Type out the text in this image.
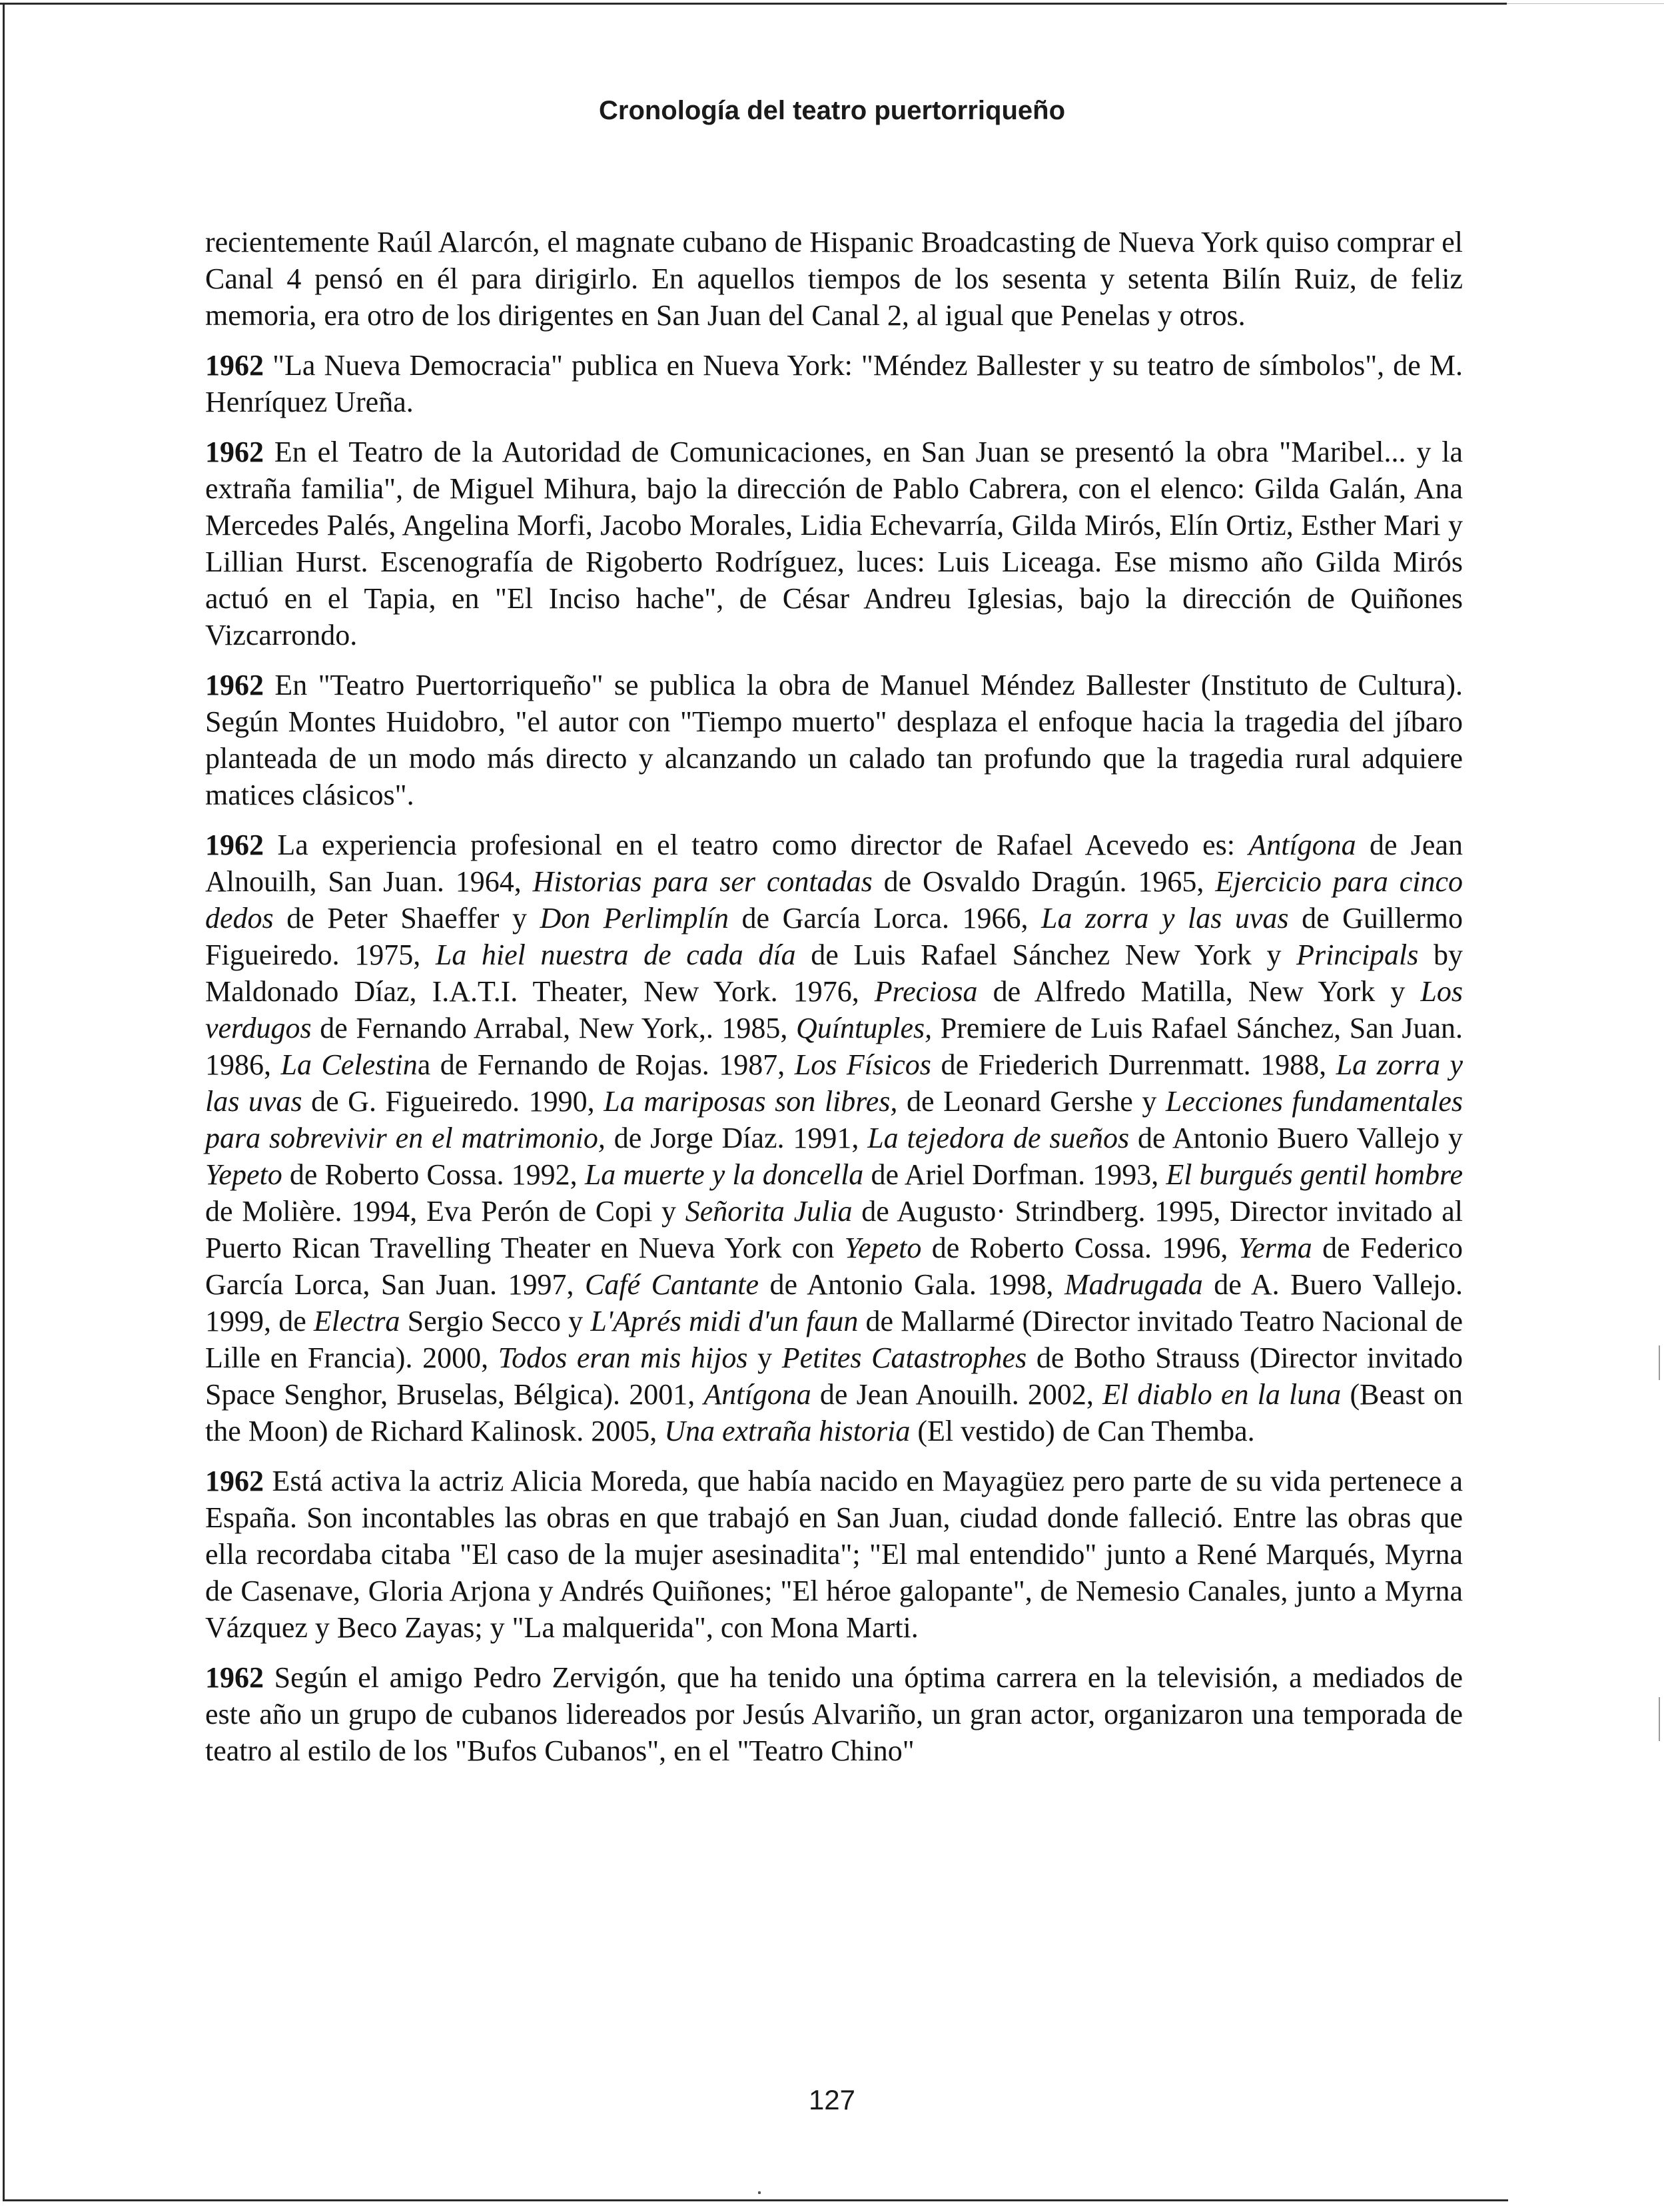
Cronología del teatro puertorriqueño

recientemente Raúl Alarcón, el magnate cubano de Hispanic Broadcasting de Nueva York quiso comprar el Canal 4 pensó en él para dirigirlo. En aquellos tiempos de los sesenta y setenta Bilín Ruiz, de feliz memoria, era otro de los dirigentes en San Juan del Canal 2, al igual que Penelas y otros.

1962 "La Nueva Democracia" publica en Nueva York: "Méndez Ballester y su teatro de símbolos", de M. Henríquez Ureña.

1962 En el Teatro de la Autoridad de Comunicaciones, en San Juan se presentó la obra "Maribel... y la extraña familia", de Miguel Mihura, bajo la dirección de Pablo Cabrera, con el elenco: Gilda Galán, Ana Mercedes Palés, Angelina Morfi, Jacobo Morales, Lidia Echevarría, Gilda Mirós, Elín Ortiz, Esther Mari y Lillian Hurst. Escenografía de Rigoberto Rodríguez, luces: Luis Liceaga. Ese mismo año Gilda Mirós actuó en el Tapia, en "El Inciso hache", de César Andreu Iglesias, bajo la dirección de Quiñones Vizcarrondo.

1962 En "Teatro Puertorriqueño" se publica la obra de Manuel Méndez Ballester (Instituto de Cultura). Según Montes Huidobro, "el autor con "Tiempo muerto" desplaza el enfoque hacia la tragedia del jíbaro planteada de un modo más directo y alcanzando un calado tan profundo que la tragedia rural adquiere matices clásicos".

1962 La experiencia profesional en el teatro como director de Rafael Acevedo es: Antígona de Jean Alnouilh, San Juan. 1964, Historias para ser contadas de Osvaldo Dragún. 1965, Ejercicio para cinco dedos de Peter Shaeffer y Don Perlimplín de García Lorca. 1966, La zorra y las uvas de Guillermo Figueiredo. 1975, La hiel nuestra de cada día de Luis Rafael Sánchez New York y Principals by Maldonado Díaz, I.A.T.I. Theater, New York. 1976, Preciosa de Alfredo Matilla, New York y Los verdugos de Fernando Arrabal, New York,. 1985, Quíntuples, Premiere de Luis Rafael Sánchez, San Juan. 1986, La Celestina de Fernando de Rojas. 1987, Los Físicos de Friederich Durrenmatt. 1988, La zorra y las uvas de G. Figueiredo. 1990, La mariposas son libres, de Leonard Gershe y Lecciones fundamentales para sobrevivir en el matrimonio, de Jorge Díaz. 1991, La tejedora de sueños de Antonio Buero Vallejo y Yepeto de Roberto Cossa. 1992, La muerte y la doncella de Ariel Dorfman. 1993, El burgués gentil hombre de Molière. 1994, Eva Perón de Copi y Señorita Julia de Augusto· Strindberg. 1995, Director invitado al Puerto Rican Travelling Theater en Nueva York con Yepeto de Roberto Cossa. 1996, Yerma de Federico García Lorca, San Juan. 1997, Café Cantante de Antonio Gala. 1998, Madrugada de A. Buero Vallejo. 1999, de Electra Sergio Secco y L'Aprés midi d'un faun de Mallarmé (Director invitado Teatro Nacional de Lille en Francia). 2000, Todos eran mis hijos y Petites Catastrophes de Botho Strauss (Director invitado Space Senghor, Bruselas, Bélgica). 2001, Antígona de Jean Anouilh. 2002, El diablo en la luna (Beast on the Moon) de Richard Kalinosk. 2005, Una extraña historia (El vestido) de Can Themba.

1962 Está activa la actriz Alicia Moreda, que había nacido en Mayagüez pero parte de su vida pertenece a España. Son incontables las obras en que trabajó en San Juan, ciudad donde falleció. Entre las obras que ella recordaba citaba "El caso de la mujer asesinadita"; "El mal entendido" junto a René Marqués, Myrna de Casenave, Gloria Arjona y Andrés Quiñones; "El héroe galopante", de Nemesio Canales, junto a Myrna Vázquez y Beco Zayas; y "La malquerida", con Mona Marti.

1962 Según el amigo Pedro Zervigón, que ha tenido una óptima carrera en la televisión, a mediados de este año un grupo de cubanos lidereados por Jesús Alvariño, un gran actor, organizaron una temporada de teatro al estilo de los "Bufos Cubanos", en el "Teatro Chino"

127
